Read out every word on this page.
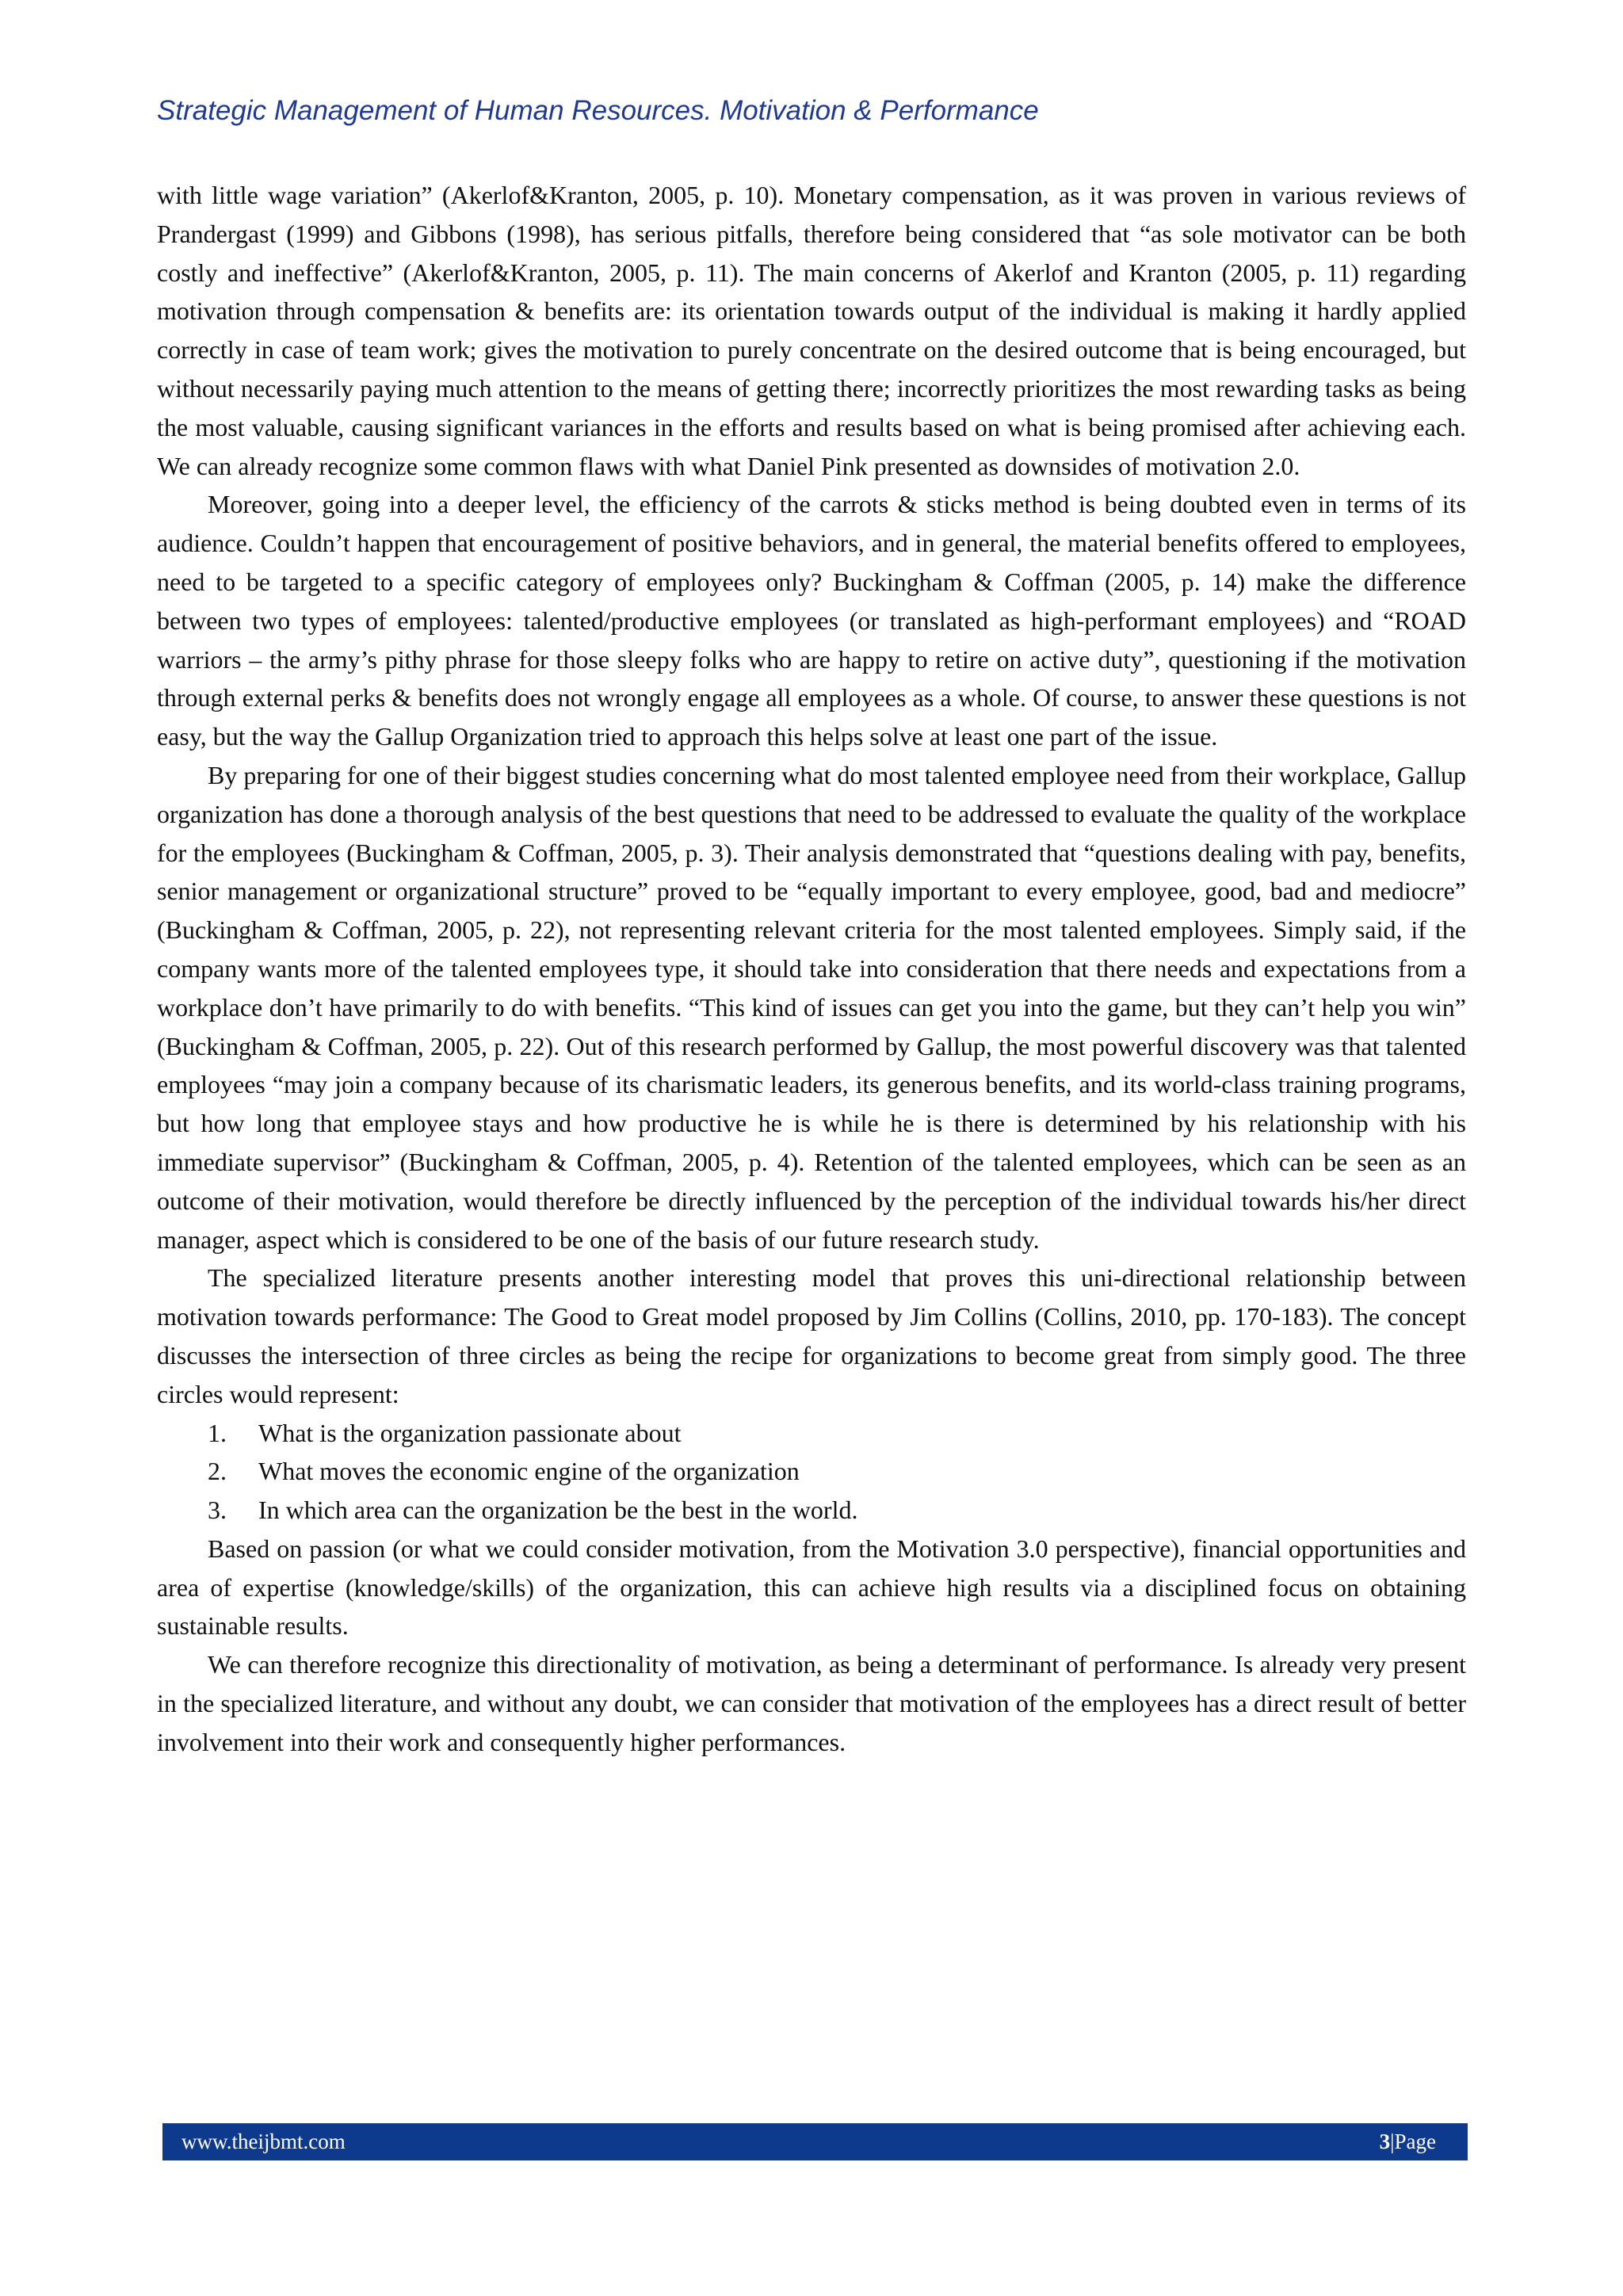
Strategic Management of Human Resources. Motivation & Performance

with little wage variation” (Akerlof&Kranton, 2005, p. 10). Monetary compensation, as it was proven in various reviews of Prandergast (1999) and Gibbons (1998), has serious pitfalls, therefore being considered that “as sole motivator can be both costly and ineffective” (Akerlof&Kranton, 2005, p. 11). The main concerns of Akerlof and Kranton (2005, p. 11) regarding motivation through compensation & benefits are: its orientation towards output of the individual is making it hardly applied correctly in case of team work; gives the motivation to purely concentrate on the desired outcome that is being encouraged, but without necessarily paying much attention to the means of getting there; incorrectly prioritizes the most rewarding tasks as being the most valuable, causing significant variances in the efforts and results based on what is being promised after achieving each. We can already recognize some common flaws with what Daniel Pink presented as downsides of motivation 2.0.

Moreover, going into a deeper level, the efficiency of the carrots & sticks method is being doubted even in terms of its audience. Couldn’t happen that encouragement of positive behaviors, and in general, the material benefits offered to employees, need to be targeted to a specific category of employees only? Buckingham & Coffman (2005, p. 14) make the difference between two types of employees: talented/productive employees (or translated as high-performant employees) and “ROAD warriors – the army’s pithy phrase for those sleepy folks who are happy to retire on active duty”, questioning if the motivation through external perks & benefits does not wrongly engage all employees as a whole. Of course, to answer these questions is not easy, but the way the Gallup Organization tried to approach this helps solve at least one part of the issue.

By preparing for one of their biggest studies concerning what do most talented employee need from their workplace, Gallup organization has done a thorough analysis of the best questions that need to be addressed to evaluate the quality of the workplace for the employees (Buckingham & Coffman, 2005, p. 3). Their analysis demonstrated that “questions dealing with pay, benefits, senior management or organizational structure” proved to be “equally important to every employee, good, bad and mediocre” (Buckingham & Coffman, 2005, p. 22), not representing relevant criteria for the most talented employees. Simply said, if the company wants more of the talented employees type, it should take into consideration that there needs and expectations from a workplace don’t have primarily to do with benefits. “This kind of issues can get you into the game, but they can’t help you win” (Buckingham & Coffman, 2005, p. 22). Out of this research performed by Gallup, the most powerful discovery was that talented employees “may join a company because of its charismatic leaders, its generous benefits, and its world-class training programs, but how long that employee stays and how productive he is while he is there is determined by his relationship with his immediate supervisor” (Buckingham & Coffman, 2005, p. 4). Retention of the talented employees, which can be seen as an outcome of their motivation, would therefore be directly influenced by the perception of the individual towards his/her direct manager, aspect which is considered to be one of the basis of our future research study.

The specialized literature presents another interesting model that proves this uni-directional relationship between motivation towards performance: The Good to Great model proposed by Jim Collins (Collins, 2010, pp. 170-183). The concept discusses the intersection of three circles as being the recipe for organizations to become great from simply good. The three circles would represent:

1.	What is the organization passionate about
2.	What moves the economic engine of the organization
3.	In which area can the organization be the best in the world.

Based on passion (or what we could consider motivation, from the Motivation 3.0 perspective), financial opportunities and area of expertise (knowledge/skills) of the organization, this can achieve high results via a disciplined focus on obtaining sustainable results.

We can therefore recognize this directionality of motivation, as being a determinant of performance. Is already very present in the specialized literature, and without any doubt, we can consider that motivation of the employees has a direct result of better involvement into their work and consequently higher performances.

www.theijbmt.com	3|Page
